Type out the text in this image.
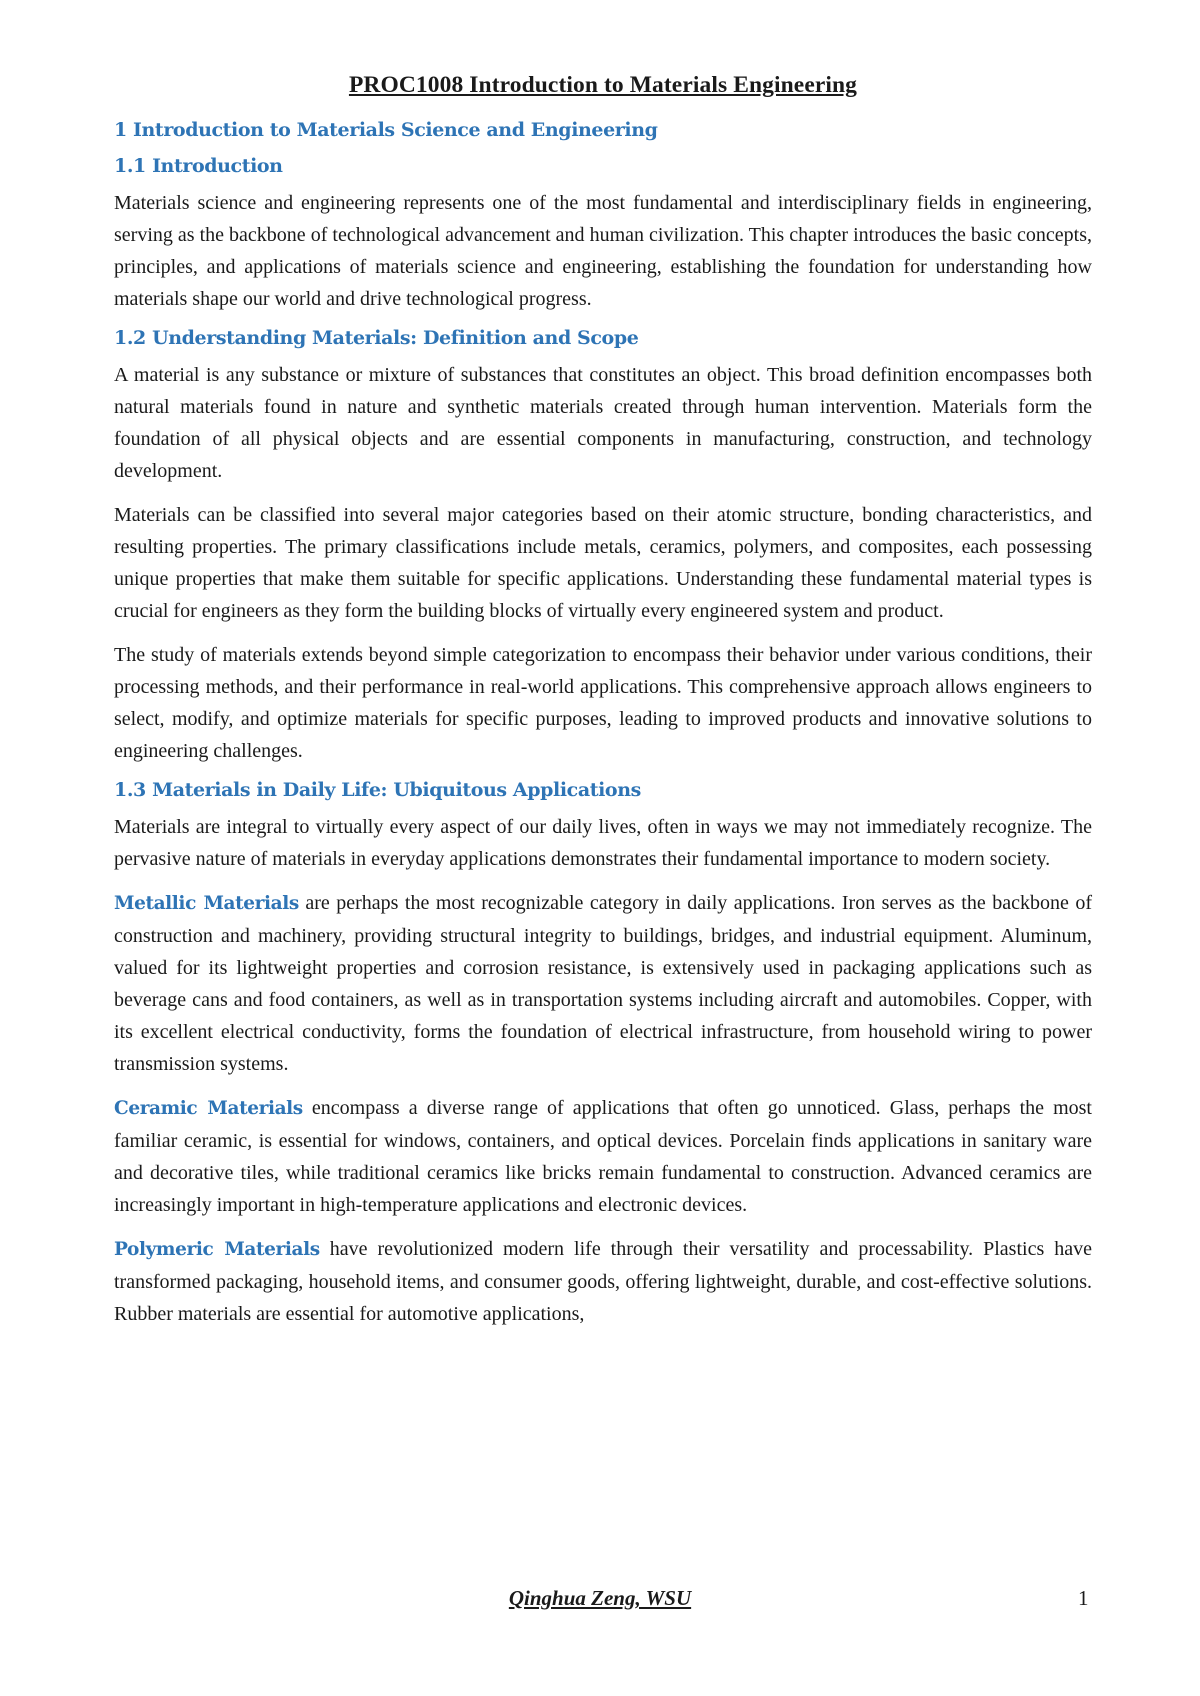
PROC1008 Introduction to Materials Engineering
1 Introduction to Materials Science and Engineering
1.1 Introduction

Materials science and engineering represents one of the most fundamental and interdisciplinary fields in engineering, serving as the backbone of technological advancement and human civilization. This chapter introduces the basic concepts, principles, and applications of materials science and engineering, establishing the foundation for understanding how materials shape our world and drive technological progress.

1.2 Understanding Materials: Definition and Scope

A material is any substance or mixture of substances that constitutes an object. This broad definition encompasses both natural materials found in nature and synthetic materials created through human intervention. Materials form the foundation of all physical objects and are essential components in manufacturing, construction, and technology development.

Materials can be classified into several major categories based on their atomic structure, bonding characteristics, and resulting properties. The primary classifications include metals, ceramics, polymers, and composites, each possessing unique properties that make them suitable for specific applications. Understanding these fundamental material types is crucial for engineers as they form the building blocks of virtually every engineered system and product.

The study of materials extends beyond simple categorization to encompass their behavior under various conditions, their processing methods, and their performance in real-world applications. This comprehensive approach allows engineers to select, modify, and optimize materials for specific purposes, leading to improved products and innovative solutions to engineering challenges.

1.3 Materials in Daily Life: Ubiquitous Applications

Materials are integral to virtually every aspect of our daily lives, often in ways we may not immediately recognize. The pervasive nature of materials in everyday applications demonstrates their fundamental importance to modern society.

Metallic Materials are perhaps the most recognizable category in daily applications. Iron serves as the backbone of construction and machinery, providing structural integrity to buildings, bridges, and industrial equipment. Aluminum, valued for its lightweight properties and corrosion resistance, is extensively used in packaging applications such as beverage cans and food containers, as well as in transportation systems including aircraft and automobiles. Copper, with its excellent electrical conductivity, forms the foundation of electrical infrastructure, from household wiring to power transmission systems.

Ceramic Materials encompass a diverse range of applications that often go unnoticed. Glass, perhaps the most familiar ceramic, is essential for windows, containers, and optical devices. Porcelain finds applications in sanitary ware and decorative tiles, while traditional ceramics like bricks remain fundamental to construction. Advanced ceramics are increasingly important in high-temperature applications and electronic devices.

Polymeric Materials have revolutionized modern life through their versatility and processability. Plastics have transformed packaging, household items, and consumer goods, offering lightweight, durable, and cost-effective solutions. Rubber materials are essential for automotive applications,

Qinghua Zeng, WSU	1
